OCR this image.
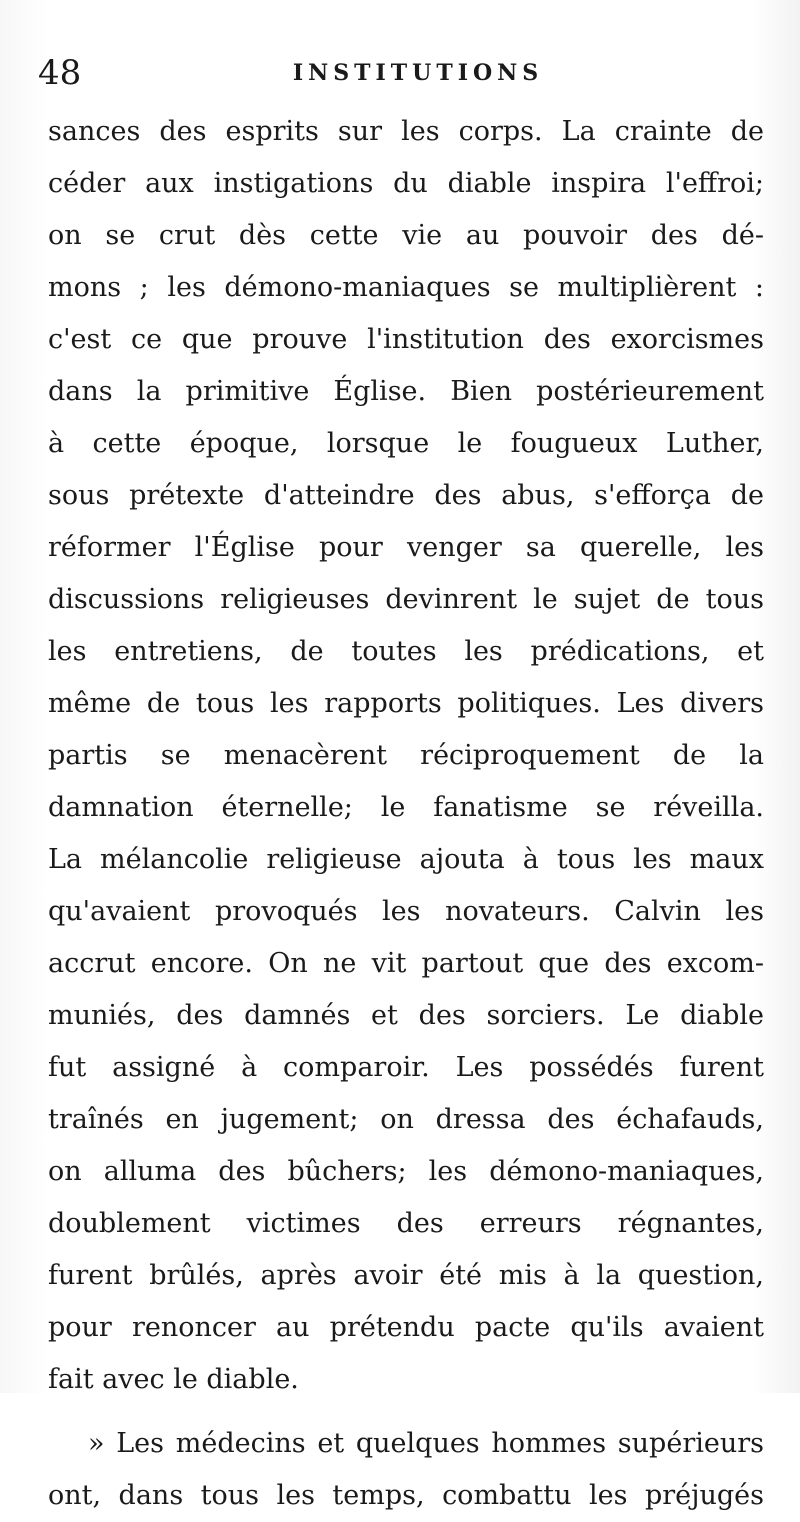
48	INSTITUTIONS
sances des esprits sur les corps. La crainte de
céder aux instigations du diable inspira l'effroi;
on se crut dès cette vie au pouvoir des dé-
mons ; les démono-maniaques se multiplièrent :
c'est ce que prouve l'institution des exorcismes
dans la primitive Église. Bien postérieurement
à cette époque, lorsque le fougueux Luther,
sous prétexte d'atteindre des abus, s'efforça de
réformer l'Église pour venger sa querelle, les
discussions religieuses devinrent le sujet de tous
les entretiens, de toutes les prédications, et
même de tous les rapports politiques. Les divers
partis se menacèrent réciproquement de la
damnation éternelle; le fanatisme se réveilla.
La mélancolie religieuse ajouta à tous les maux
qu'avaient provoqués les novateurs. Calvin les
accrut encore. On ne vit partout que des excom-
muniés, des damnés et des sorciers. Le diable
fut assigné à comparoir. Les possédés furent
traînés en jugement; on dressa des échafauds,
on alluma des bûchers; les démono-maniaques,
doublement victimes des erreurs régnantes,
furent brûlés, après avoir été mis à la question,
pour renoncer au prétendu pacte qu'ils avaient
fait avec le diable.
» Les médecins et quelques hommes supérieurs
ont, dans tous les temps, combattu les préjugés
